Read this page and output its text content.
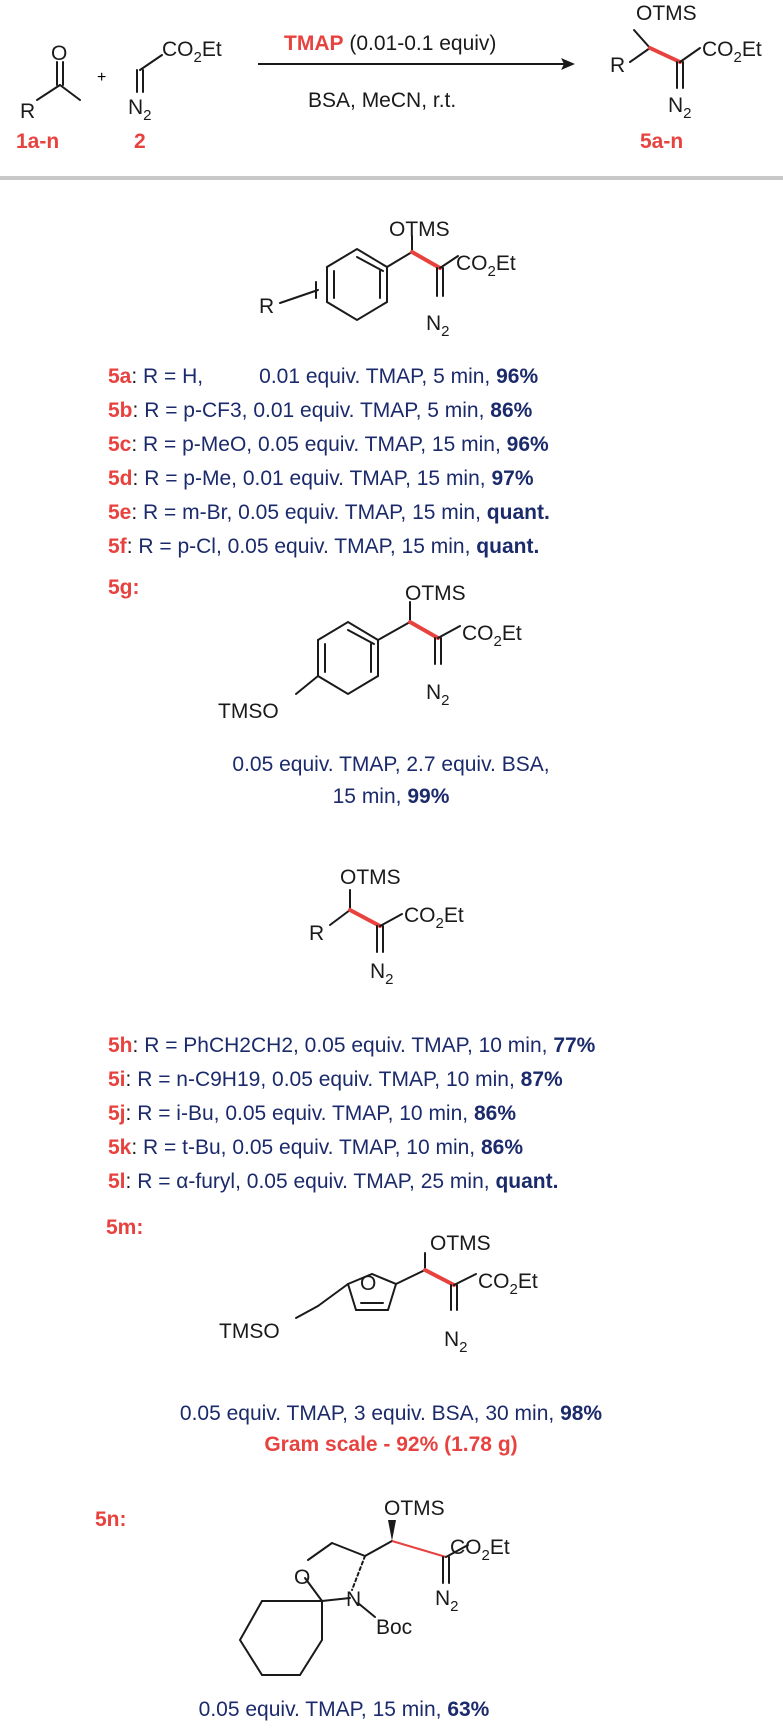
O
R
1a-n
+
$CO_2Et$
$N_2$
2
TMAP (0.01-0.1 equiv)
BSA, MeCN, r.t.
OTMS
R
$CO_2Et$
$N_2$
5a-n
OTMS
$CO_2Et$
$N_2$
R
5a: R = H,	0.01 equiv. TMAP, 5 min, 96%
5b: R = p-CF3, 0.01 equiv. TMAP, 5 min, 86%
5c: R = p-MeO, 0.05 equiv. TMAP, 15 min, 96%
5d: R = p-Me, 0.01 equiv. TMAP, 15 min, 97%
5e: R = m-Br, 0.05 equiv. TMAP, 15 min, quant.
5f: R = p-Cl, 0.05 equiv. TMAP, 15 min, quant.
5g:	OTMS
$CO_2Et$
$N_2$
TMSO
0.05 equiv. TMAP, 2.7 equiv. BSA,
15 min, 99%
OTMS
R
$CO_2Et$
$N_2$
5h: R = PhCH2CH2, 0.05 equiv. TMAP, 10 min, 77%
5i: R = n-C9H19, 0.05 equiv. TMAP, 10 min, 87%
5j: R = i-Bu, 0.05 equiv. TMAP, 10 min, 86%
5k: R = t-Bu, 0.05 equiv. TMAP, 10 min, 86%
5l: R = α-furyl, 0.05 equiv. TMAP, 25 min, quant.
5m:
O
OTMS
$CO_2Et$
$N_2$
TMSO
0.05 equiv. TMAP, 3 equiv. BSA, 30 min, 98%
Gram scale - 92% (1.78 g)
5n:
O
N
Boc
OTMS
$CO_2Et$
$N_2$
0.05 equiv. TMAP, 15 min, 63%
